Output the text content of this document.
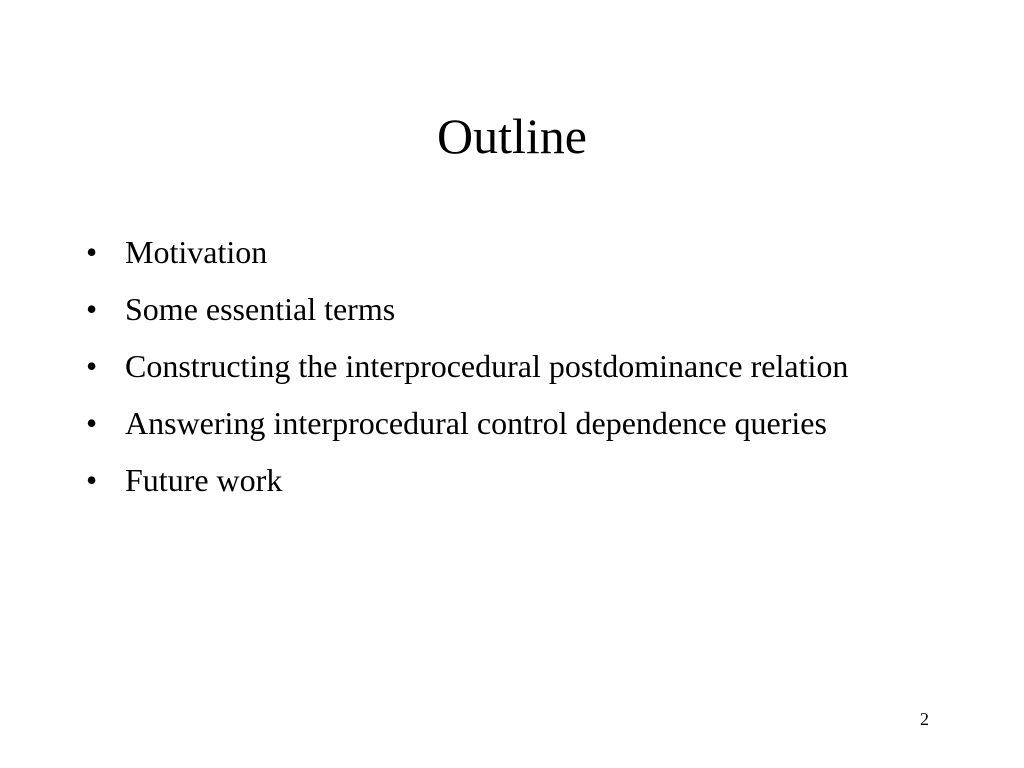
Outline
• Motivation
• Some essential terms
• Constructing the interprocedural postdominance relation
• Answering interprocedural control dependence queries
• Future work
2
